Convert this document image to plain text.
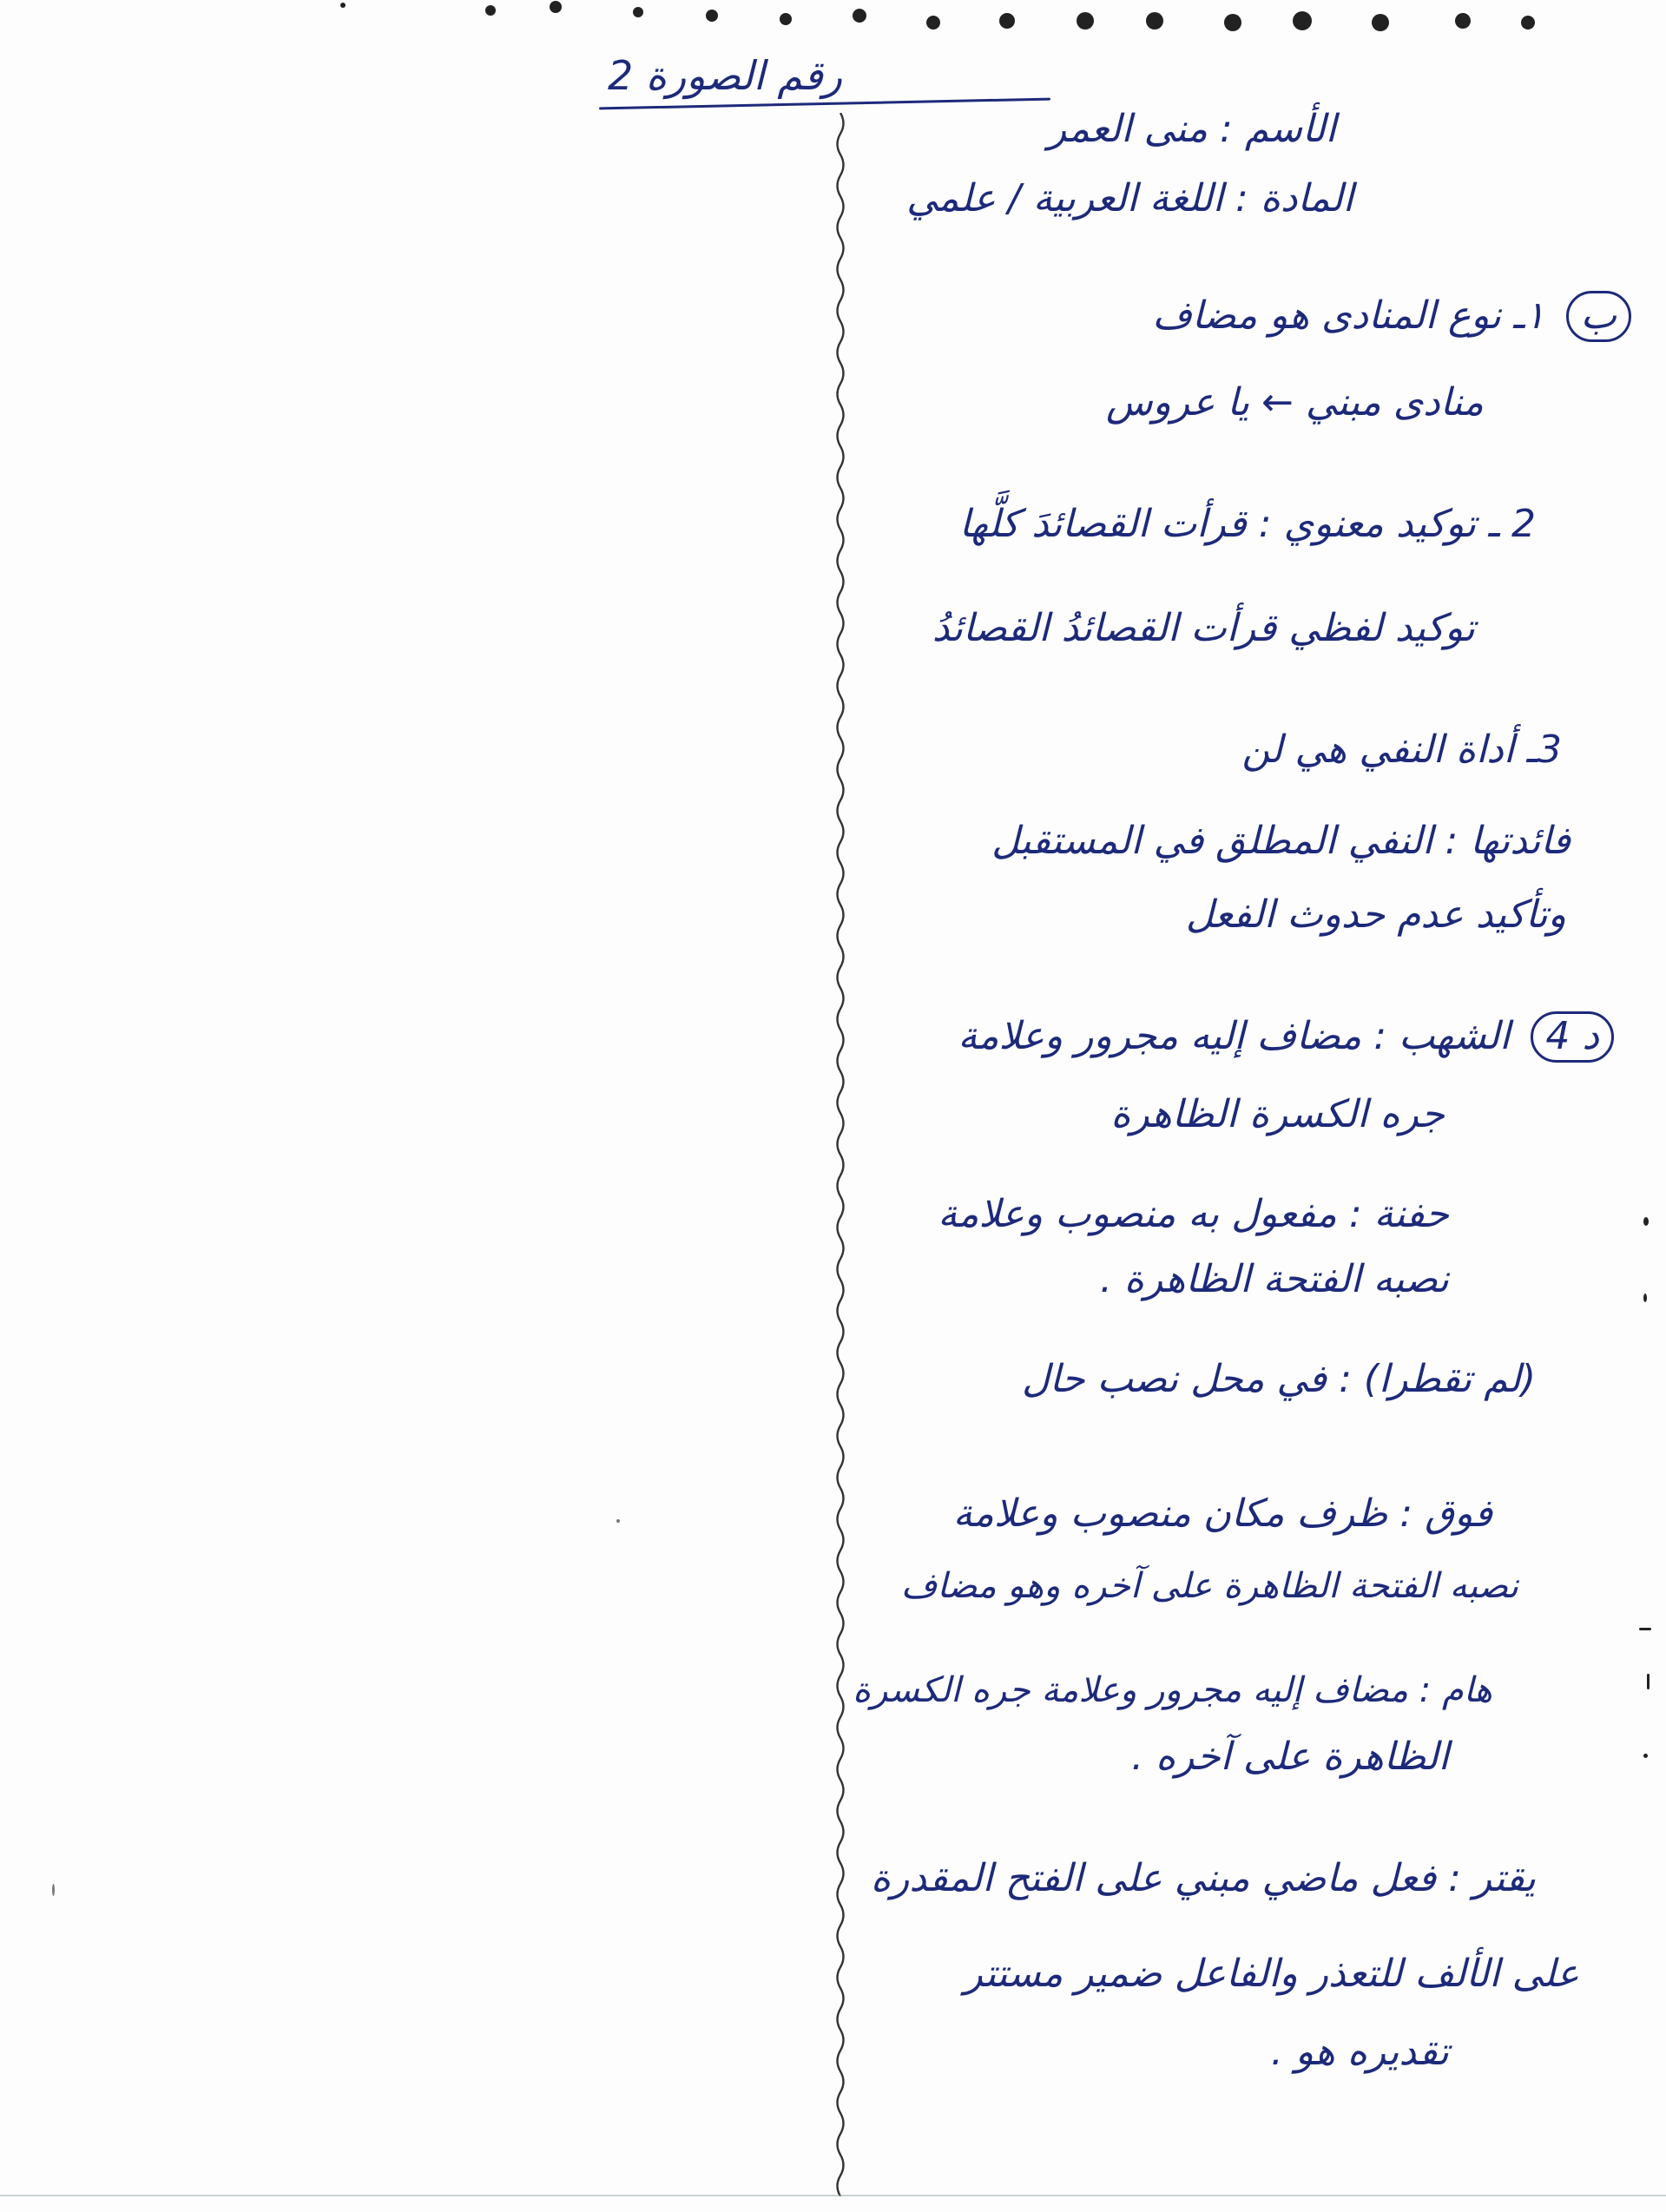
رقم الصورة 2
الأسم : منى العمر
المادة : اللغة العربية / علمي
ب ١ـ نوع المنادى هو مضاف
منادى مبني ← يا عروس
2 ـ توكيد معنوي : قرأت القصائدَ كلَّها
توكيد لفظي قرأت القصائدُ القصائدُ
3ـ أداة النفي هي لن
فائدتها : النفي المطلق في المستقبل
وتأكيد عدم حدوث الفعل
د 4 الشهب : مضاف إليه مجرور وعلامة
جره الكسرة الظاهرة
حفنة : مفعول به منصوب وعلامة
نصبه الفتحة الظاهرة .
(لم تقطرا) : في محل نصب حال
فوق : ظرف مكان منصوب وعلامة
نصبه الفتحة الظاهرة على آخره وهو مضاف
هام : مضاف إليه مجرور وعلامة جره الكسرة
الظاهرة على آخره .
يقتر : فعل ماضي مبني على الفتح المقدرة
على الألف للتعذر والفاعل ضمير مستتر
تقديره هو .
